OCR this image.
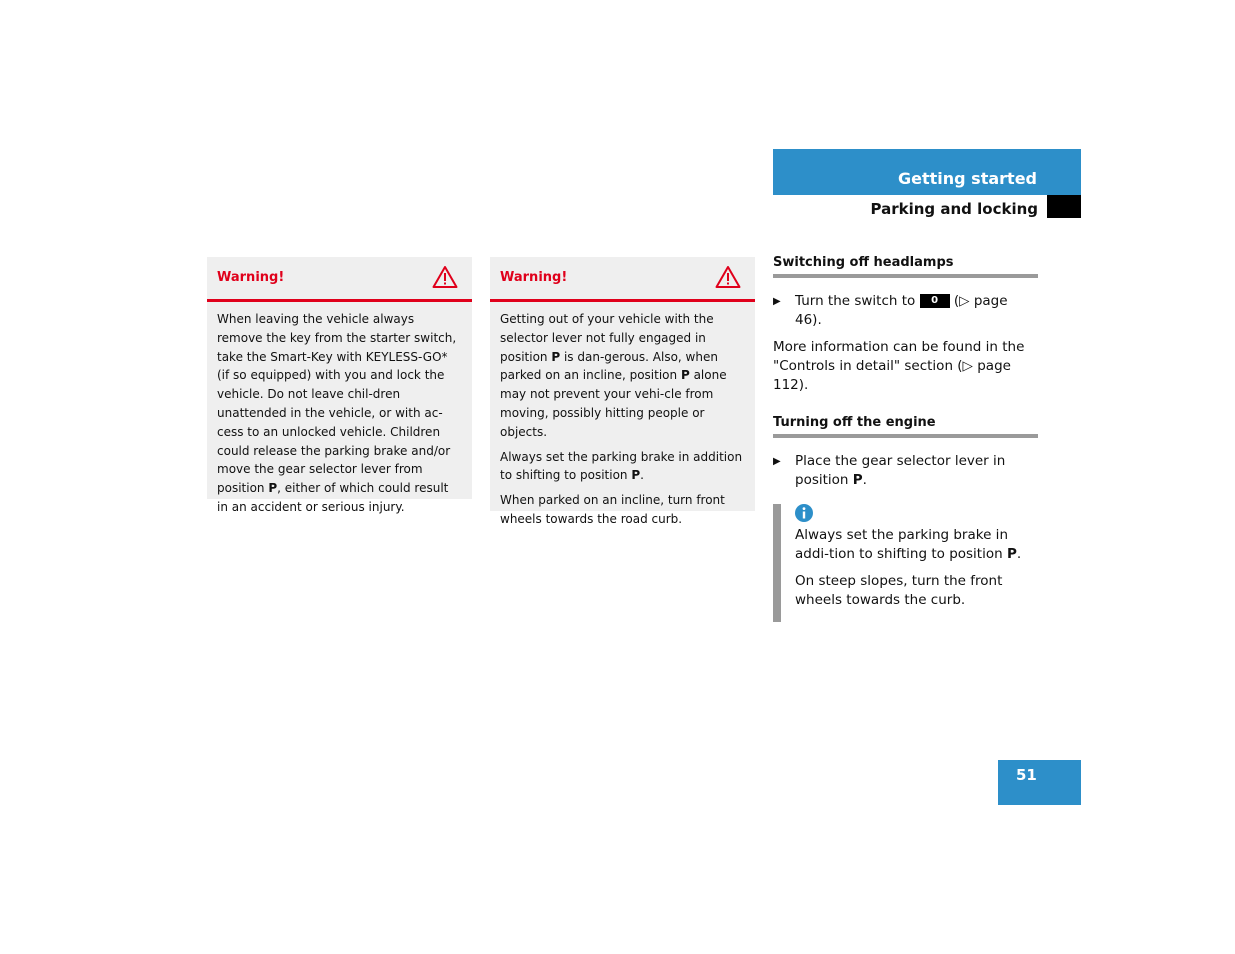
Getting started
Parking and locking
Warning!

When leaving the vehicle always remove the key from the starter switch, take the Smart-Key with KEYLESS-GO* (if so equipped) with you and lock the vehicle. Do not leave chil-dren unattended in the vehicle, or with ac-cess to an unlocked vehicle. Children could release the parking brake and/or move the gear selector lever from position P, either of which could result in an accident or serious injury.

Warning!

Getting out of your vehicle with the selector lever not fully engaged in position P is dan-gerous. Also, when parked on an incline, position P alone may not prevent your vehi-cle from moving, possibly hitting people or objects.

Always set the parking brake in addition to shifting to position P.

When parked on an incline, turn front wheels towards the road curb.

Switching off headlamps

▶ Turn the switch to 0 (▷ page 46).

More information can be found in the "Controls in detail" section (▷ page 112).

Turning off the engine

▶ Place the gear selector lever in position P.

Always set the parking brake in addi-tion to shifting to position P.

On steep slopes, turn the front wheels towards the curb.

51
